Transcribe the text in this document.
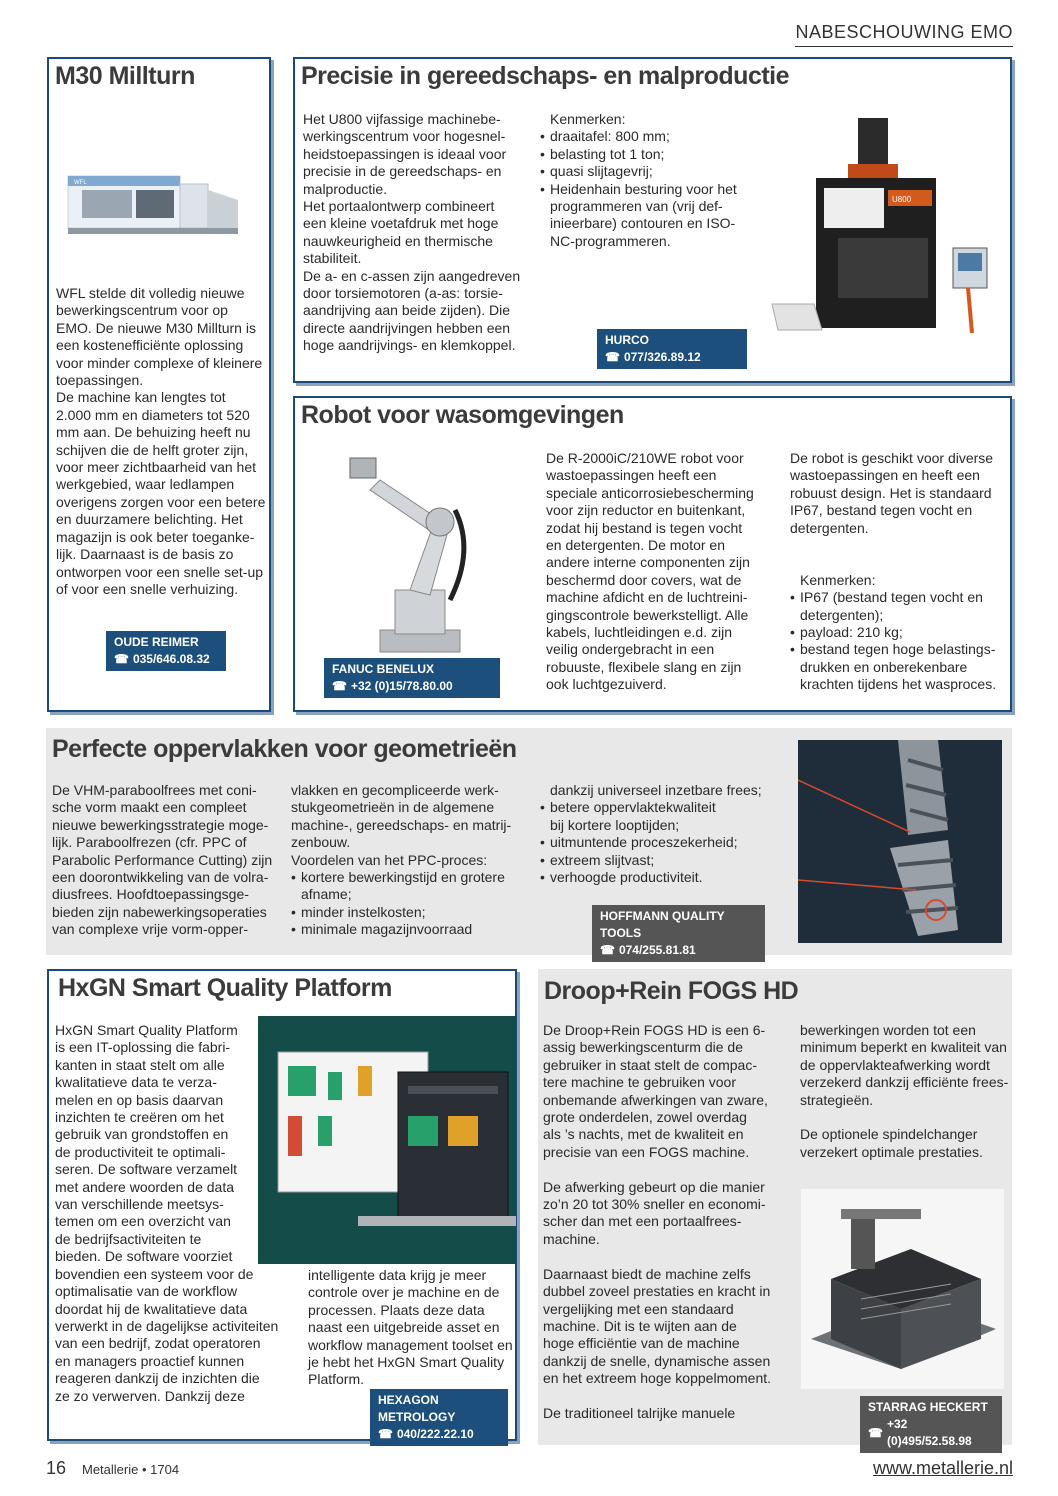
NABESCHOUWING EMO
M30 Millturn
WFL

WFL stelde dit volledig nieuwe

bewerkingscentrum voor op

EMO. De nieuwe M30 Millturn is

een kostenefficiënte oplossing

voor minder complexe of kleinere

toepassingen.

De machine kan lengtes tot

2.000 mm en diameters tot 520

mm aan. De behuizing heeft nu

schijven die de helft groter zijn,

voor meer zichtbaarheid van het

werkgebied, waar ledlampen

overigens zorgen voor een betere

en duurzamere belichting. Het

magazijn is ook beter toeganke-

lijk. Daarnaast is de basis zo

ontworpen voor een snelle set-up

of voor een snelle verhuizing.

OUDE REIMER
☎ 035/646.08.32
Precisie in gereedschaps- en malproductie

Het U800 vijfassige machinebe-

werkingscentrum voor hogesnel-

heidstoepassingen is ideaal voor

precisie in de gereedschaps- en

malproductie.

Het portaalontwerp combineert

een kleine voetafdruk met hoge

nauwkeurigheid en thermische

stabiliteit.

De a- en c-assen zijn aangedreven

door torsiemotoren (a-as: torsie-

aandrijving aan beide zijden). Die

directe aandrijvingen hebben een

hoge aandrijvings- en klemkoppel.

Kenmerken:

• draaitafel: 800 mm;

• belasting tot 1 ton;

• quasi slijtagevrij;

• Heidenhain besturing voor het

programmeren van (vrij def-

inieerbare) contouren en ISO-

NC-programmeren.

U800
HURCO
☎ 077/326.89.12
Robot voor wasomgevingen

De R-2000iC/210WE robot voor

wastoepassingen heeft een

speciale anticorrosiebescherming

voor zijn reductor en buitenkant,

zodat hij bestand is tegen vocht

en detergenten. De motor en

andere interne componenten zijn

beschermd door covers, wat de

machine afdicht en de luchtreini-

gingscontrole bewerkstelligt. Alle

kabels, luchtleidingen e.d. zijn

veilig ondergebracht in een

robuuste, flexibele slang en zijn

ook luchtgezuiverd.

De robot is geschikt voor diverse

wastoepassingen en heeft een

robuust design. Het is standaard

IP67, bestand tegen vocht en

detergenten.

Kenmerken:

• IP67 (bestand tegen vocht en

detergenten);

• payload: 210 kg;

• bestand tegen hoge belastings-

drukken en onberekenbare

krachten tijdens het wasproces.

FANUC BENELUX
☎ +32 (0)15/78.80.00
Perfecte oppervlakken voor geometrieën

De VHM-paraboolfrees met coni-

sche vorm maakt een compleet

nieuwe bewerkingsstrategie moge-

lijk. Paraboolfrezen (cfr. PPC of

Parabolic Performance Cutting) zijn

een doorontwikkeling van de volra-

diusfrees. Hoofdtoepassingsge-

bieden zijn nabewerkingsoperaties

van complexe vrije vorm-opper-

vlakken en gecompliceerde werk-

stukgeometrieën in de algemene

machine-, gereedschaps- en matrij-

zenbouw.

Voordelen van het PPC-proces:

• kortere bewerkingstijd en grotere

afname;

• minder instelkosten;

• minimale magazijnvoorraad

dankzij universeel inzetbare frees;

• betere oppervlaktekwaliteit

bij kortere looptijden;

• uitmuntende proceszekerheid;

• extreem slijtvast;

• verhoogde productiviteit.

HOFFMANN QUALITY TOOLS
☎ 074/255.81.81
HxGN Smart Quality Platform

HxGN Smart Quality Platform

is een IT-oplossing die fabri-

kanten in staat stelt om alle

kwalitatieve data te verza-

melen en op basis daarvan

inzichten te creëren om het

gebruik van grondstoffen en

de productiviteit te optimali-

seren. De software verzamelt

met andere woorden de data

van verschillende meetsys-

temen om een overzicht van

de bedrijfsactiviteiten te

bieden. De software voorziet

bovendien een systeem voor de

optimalisatie van de workflow

doordat hij de kwalitatieve data

verwerkt in de dagelijkse activiteiten

van een bedrijf, zodat operatoren

en managers proactief kunnen

reageren dankzij de inzichten die

ze zo verwerven. Dankzij deze

intelligente data krijg je meer

controle over je machine en de

processen. Plaats deze data

naast een uitgebreide asset en

workflow management toolset en

je hebt het HxGN Smart Quality

Platform.

HEXAGON METROLOGY
☎ 040/222.22.10
Droop+Rein FOGS HD

De Droop+Rein FOGS HD is een 6-

assig bewerkingscenturm die de

gebruiker in staat stelt de compac-

tere machine te gebruiken voor

onbemande afwerkingen van zware,

grote onderdelen, zowel overdag

als ’s nachts, met de kwaliteit en

precisie van een FOGS machine.

De afwerking gebeurt op die manier

zo’n 20 tot 30% sneller en economi-

scher dan met een portaalfrees-

machine.

Daarnaast biedt de machine zelfs

dubbel zoveel prestaties en kracht in

vergelijking met een standaard

machine. Dit is te wijten aan de

hoge efficiëntie van de machine

dankzij de snelle, dynamische assen

en het extreem hoge koppelmoment.

De traditioneel talrijke manuele

bewerkingen worden tot een

minimum beperkt en kwaliteit van

de oppervlakteafwerking wordt

verzekerd dankzij efficiënte frees-

strategieën.

De optionele spindelchanger

verzekert optimale prestaties.

STARRAG HECKERT
☎
+32 (0)495/52.58.98
16 Metallerie • 1704	www.metallerie.nl
